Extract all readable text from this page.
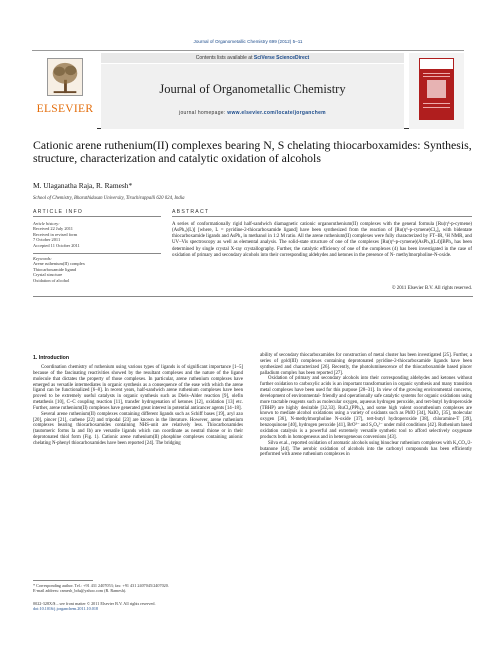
Journal of Organometallic Chemistry 699 (2012) 5–11
ELSEVIER
Contents lists available at SciVerse ScienceDirect
Journal of Organometallic Chemistry
journal homepage: www.elsevier.com/locate/jorganchem
Cationic arene ruthenium(II) complexes bearing N, S chelating thiocarboxamides: Synthesis, structure, characterization and catalytic oxidation of alcohols
M. Ulaganatha Raja, R. Ramesh*
School of Chemistry, Bharathidasan University, Tiruchirappalli 620 024, India
ARTICLE INFO	ABSTRACT
Article history:
Received 22 July 2011
Received in revised form
7 October 2011
Accepted 11 October 2011
Keywords:
Arene ruthenium(II) complex
Thiocarboxamide ligand
Crystal structure
Oxidation of alcohol
A series of conformationally rigid half-sandwich diamagnetic cationic organoruthenium(II) complexes with the general formula [Ru(η⁶-p-cymene)(AsPh₃)(L)] [where, L = pyridine-2-thiocarboxamide ligand] have been synthesized from the reaction of [Ru(η⁶-p-cymene)Cl₂]₂ with bidentate thiocarboxamide ligands and AsPh₃ in methanol in 1:2 M ratio. All the arene ruthenium(II) complexes were fully characterized by FT–IR, ¹H NMR, and UV–Vis spectroscopy as well as elemental analysis. The solid-state structure of one of the complexes [Ru(η⁶-p-cymene)(AsPh₃)(L4)]BPh₄ has been determined by single crystal X-ray crystallography. Further, the catalytic efficiency of one of the complexes (4) has been investigated in the case of oxidation of primary and secondary alcohols into their corresponding aldehydes and ketones in the presence of N- methylmorpholine-N-oxide.
© 2011 Elsevier B.V. All rights reserved.
1. Introduction

Coordination chemistry of ruthenium using various types of ligands is of significant importance [1–5] because of the fascinating reactivities showed by the resultant complexes and the nature of the ligand molecule that dictates the property of those complexes. In particular, arene ruthenium complexes have emerged as versatile intermediates in organic synthesis as a consequence of the ease with which the arene ligand can be functionalized [6–8]. In recent years, half-sandwich arene ruthenium complexes have been proved to be extremely useful catalysts in organic synthesis such as Diels–Alder reaction [9], olefin metathesis [10], C–C coupling reaction [11], transfer hydrogenation of ketones [12], oxidation [13] etc. Further, arene ruthenium(II) complexes have generated great interest in potential anticancer agents [14–18].

Several arene ruthenium(II) complexes containing different ligands such as Schiff bases [19], aryl azo [20], pincer [21], carbene [22] and tripodal [23] are known in the literature. However, arene ruthenium complexes bearing thiocarboxamides containing NHS-unit are relatively less. Thiocarboxamides (tautomeric forms Ia and Ib) are versatile ligands which can coordinate as neutral thione or in their deprotonated thiol form (Fig. 1). Cationic arene ruthenium(II) phosphine complexes containing anionic chelating N-phenyl thiocarboxamides have been reported [24]. The bridging

ability of secondary thiocarboxamides for construction of metal cluster has been investigated [25]. Further, a series of gold(III) complexes containing deprotonated pyridine-2-thiocarboxamide ligands have been synthesized and characterized [26]. Recently, the photoluminescence of the thiocarboxamide based pincer palladium complex has been reported [27].

Oxidation of primary and secondary alcohols into their corresponding aldehydes and ketones without further oxidation to carboxylic acids is an important transformation in organic synthesis and many transition metal complexes have been used for this purpose [28–31]. In view of the growing environmental concerns, development of environmental- friendly and operationally safe catalytic systems for organic oxidations using more tractable reagents such as molecular oxygen, aqueous hydrogen peroxide, and tert-butyl hydroperoxide (TBHP) are highly desirable [32,33]. RuCl₂(PPh₃)₃ and some high valent oxoruthenium complexes are known to mediate alcohol oxidations using a variety of oxidants such as PhIO [34], NaIO₄ [35], molecular oxygen [36], N-methylmorpholine N-oxide [37], tert-butyl hydroperoxide [38], chloramine-T [39], benzoquinone [40], hydrogen peroxide [41], BrO³⁻ and S₂O₈²⁻ under mild conditions [42]. Ruthenium based oxidation catalysis is a powerful and extremely versatile synthetic tool to afford selectively oxygenate products both in homogeneous and in heterogeneous conversions [43].

Silva et.al., reported oxidation of aromatic alcohols using binuclear ruthenium complexes with K₂CO₃/2-butanone [44]. The aerobic oxidation of alcohols into the carbonyl compounds has been efficiently performed with arene ruthenium complexes in

* Corresponding author. Tel.: +91 431 2407053; fax: +91 431 2407045/2407020.
E-mail address: ramesh_bdu@yahoo.com (R. Ramesh).
0022-328X/$ – see front matter © 2011 Elsevier B.V. All rights reserved.
doi:10.1016/j.jorganchem.2011.10.018
